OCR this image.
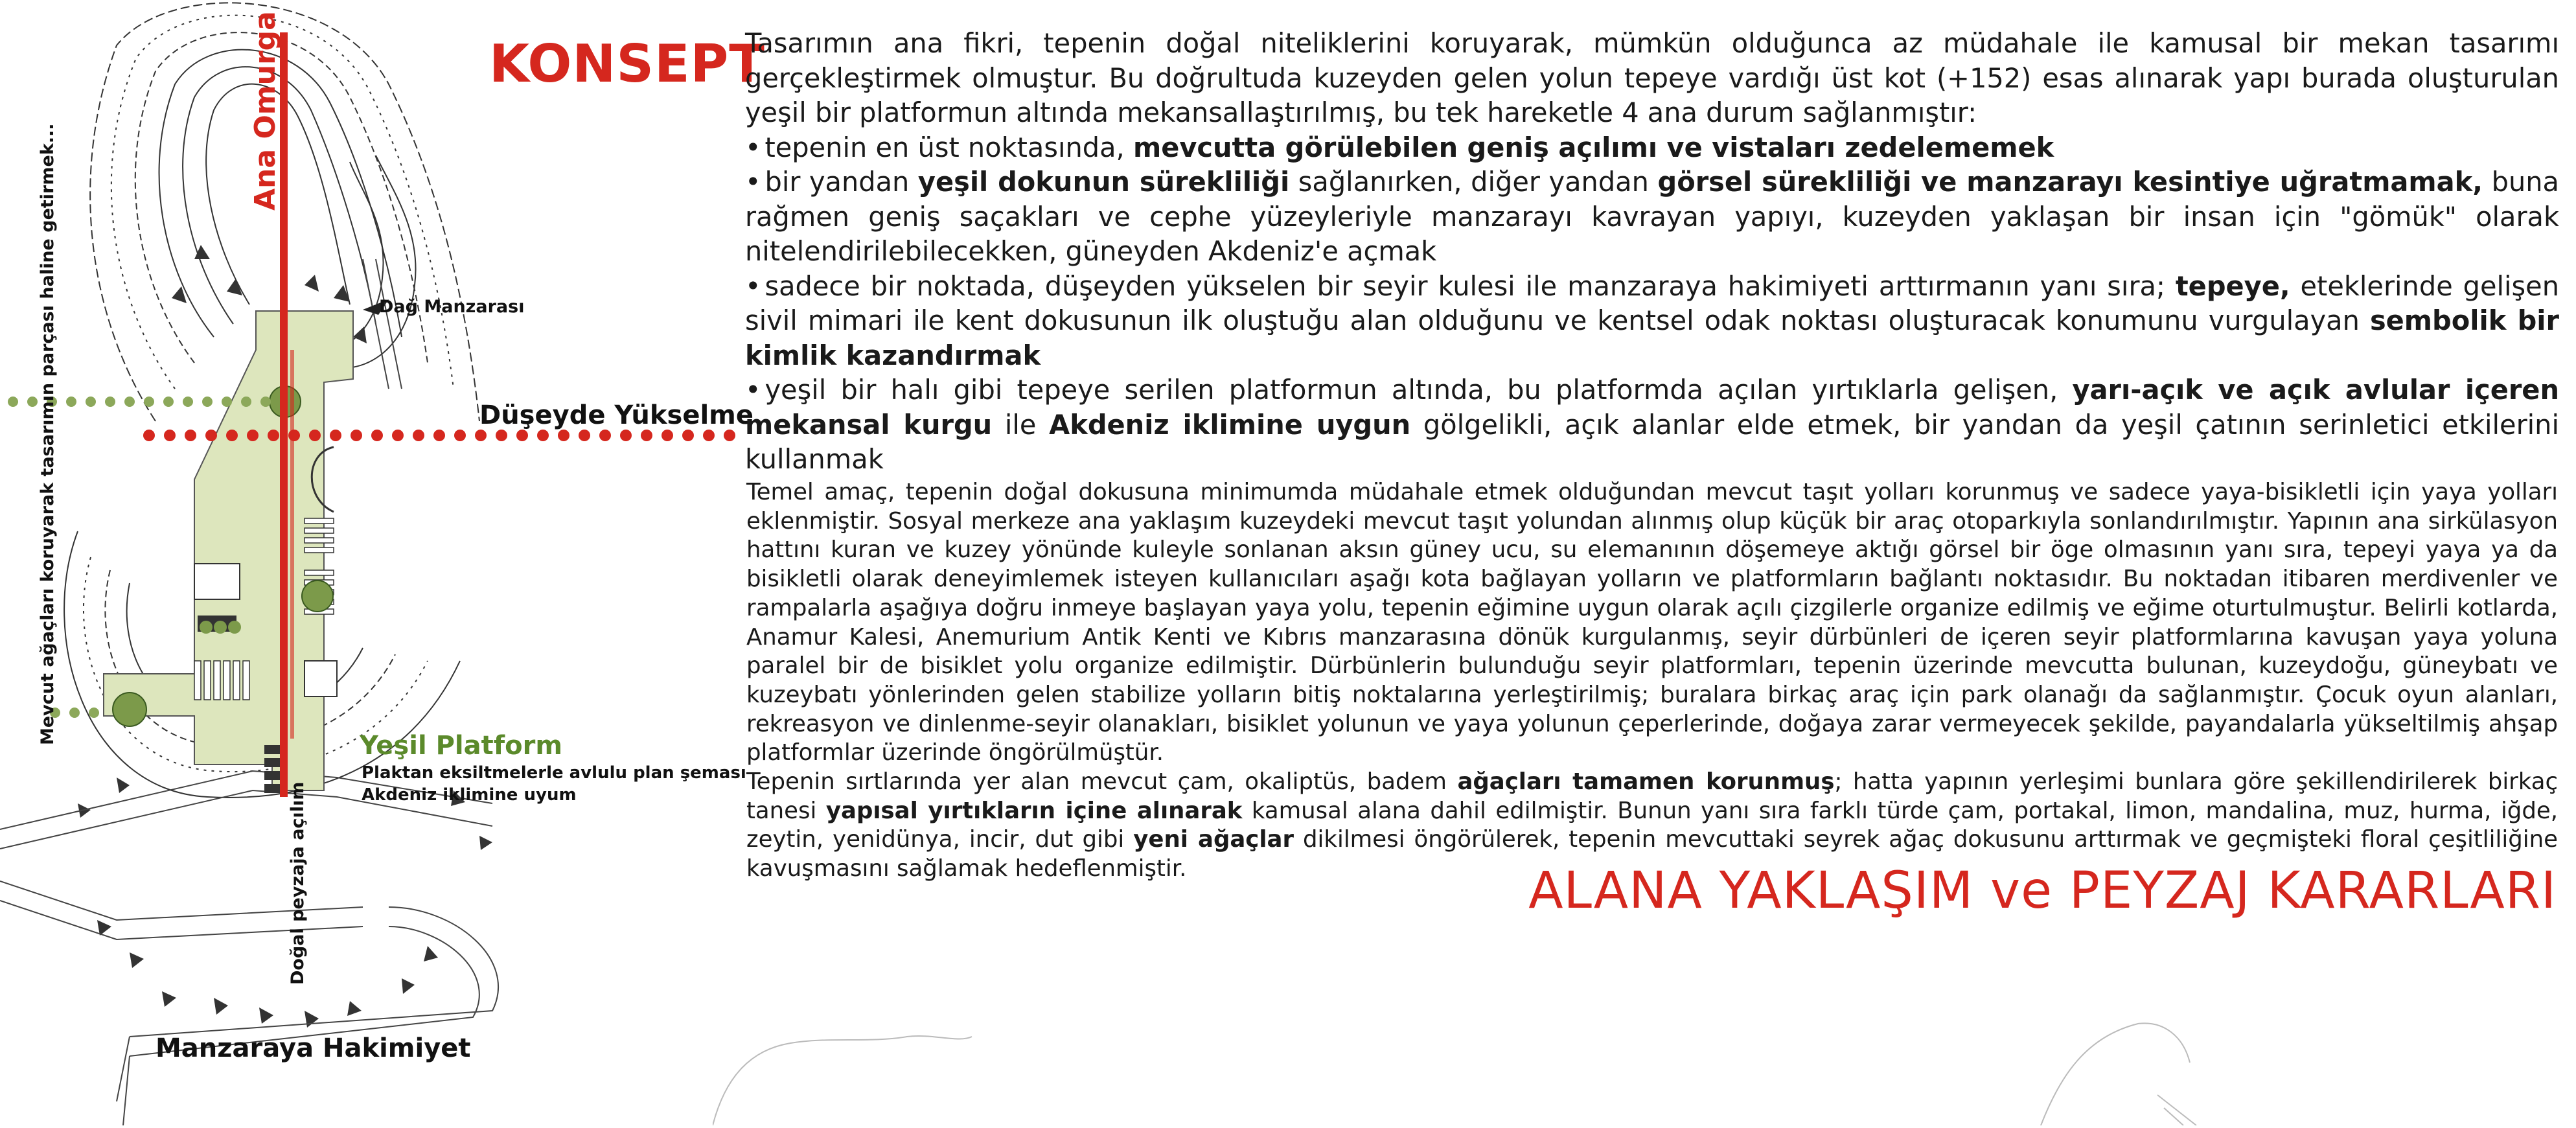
Mevcut ağaçları koruyarak tasarımın parçası haline getirmek...
Ana Omurga
Dağ Manzarası
Düşeyde Yükselme
Yeşil Platform
Plaktan eksiltmelerle avlulu plan şeması
Akdeniz iklimine uyum
Doğal peyzaja açılım
Manzaraya Hakimiyet
KONSEPT

Tasarımın ana fikri, tepenin doğal niteliklerini koruyarak, mümkün olduğunca az müdahale ile kamusal bir mekan tasarımı gerçekleştirmek olmuştur. Bu doğrultuda kuzeyden gelen yolun tepeye vardığı üst kot (+152) esas alınarak yapı burada oluşturulan yeşil bir platformun altında mekansallaştırılmış, bu tek hareketle 4 ana durum sağlanmıştır:

• tepenin en üst noktasında, mevcutta görülebilen geniş açılımı ve vistaları zedelememek

• bir yandan yeşil dokunun sürekliliği sağlanırken, diğer yandan görsel sürekliliği ve manzarayı kesintiye uğratmamak, buna rağmen geniş saçakları ve cephe yüzeyleriyle manzarayı kavrayan yapıyı, kuzeyden yaklaşan bir insan için "gömük" olarak nitelendirilebilecekken, güneyden Akdeniz'e açmak

• sadece bir noktada, düşeyden yükselen bir seyir kulesi ile manzaraya hakimiyeti arttırmanın yanı sıra; tepeye, eteklerinde gelişen sivil mimari ile kent dokusunun ilk oluştuğu alan olduğunu ve kentsel odak noktası oluşturacak konumunu vurgulayan sembolik bir kimlik kazandırmak

• yeşil bir halı gibi tepeye serilen platformun altında, bu platformda açılan yırtıklarla gelişen, yarı-açık ve açık avlular içeren mekansal kurgu ile Akdeniz iklimine uygun gölgelikli, açık alanlar elde etmek, bir yandan da yeşil çatının serinletici etkilerini kullanmak

Temel amaç, tepenin doğal dokusuna minimumda müdahale etmek olduğundan mevcut taşıt yolları korunmuş ve sadece yaya-bisikletli için yaya yolları eklenmiştir. Sosyal merkeze ana yaklaşım kuzeydeki mevcut taşıt yolundan alınmış olup küçük bir araç otoparkıyla sonlandırılmıştır. Yapının ana sirkülasyon hattını kuran ve kuzey yönünde kuleyle sonlanan aksın güney ucu, su elemanının döşemeye aktığı görsel bir öge olmasının yanı sıra, tepeyi yaya ya da bisikletli olarak deneyimlemek isteyen kullanıcıları aşağı kota bağlayan yolların ve platformların bağlantı noktasıdır. Bu noktadan itibaren merdivenler ve rampalarla aşağıya doğru inmeye başlayan yaya yolu, tepenin eğimine uygun olarak açılı çizgilerle organize edilmiş ve eğime oturtulmuştur. Belirli kotlarda, Anamur Kalesi, Anemurium Antik Kenti ve Kıbrıs manzarasına dönük kurgulanmış, seyir dürbünleri de içeren seyir platformlarına kavuşan yaya yoluna paralel bir de bisiklet yolu organize edilmiştir. Dürbünlerin bulunduğu seyir platformları, tepenin üzerinde mevcutta bulunan, kuzeydoğu, güneybatı ve kuzeybatı yönlerinden gelen stabilize yolların bitiş noktalarına yerleştirilmiş; buralara birkaç araç için park olanağı da sağlanmıştır. Çocuk oyun alanları, rekreasyon ve dinlenme-seyir olanakları, bisiklet yolunun ve yaya yolunun çeperlerinde, doğaya zarar vermeyecek şekilde, payandalarla yükseltilmiş ahşap platformlar üzerinde öngörülmüştür.

Tepenin sırtlarında yer alan mevcut çam, okaliptüs, badem ağaçları tamamen korunmuş; hatta yapının yerleşimi bunlara göre şekillendirilerek birkaç tanesi yapısal yırtıkların içine alınarak kamusal alana dahil edilmiştir. Bunun yanı sıra farklı türde çam, portakal, limon, mandalina, muz, hurma, iğde, zeytin, yenidünya, incir, dut gibi yeni ağaçlar dikilmesi öngörülerek, tepenin mevcuttaki seyrek ağaç dokusunu arttırmak ve geçmişteki floral çeşitliliğine kavuşmasını sağlamak hedeflenmiştir.	ALANA YAKLAŞIM ve PEYZAJ KARARLARI
